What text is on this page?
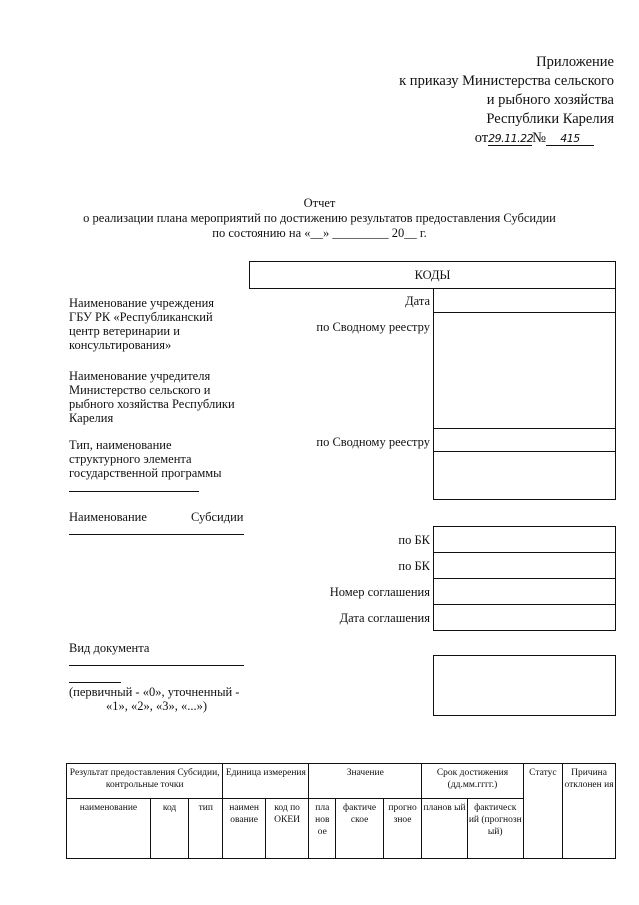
Приложение
к приказу Министерства сельского
и рыбного хозяйства
Республики Карелия
от29.11.22№ 415
Отчет
о реализации плана мероприятий по достижению результатов предоставления Субсидии
по состоянию на «__» _________ 20__ г.
КОДЫ
Дата
по Сводному реестру
по Сводному реестру
по БК
по БК
Номер соглашения
Дата соглашения
Наименование учреждения
ГБУ РК «Республиканский
центр ветеринарии и
консультирования»
Наименование учредителя
Министерство сельского и
рыбного хозяйства Республики
Карелия
Тип, наименование
структурного элемента
государственной программы
Наименование	Субсидии
Вид документа
(первичный - «0», уточненный -
«1», «2», «3», «...»)
Результат предоставления Субсидии, контрольные точки			Единица измерения		Значение			Срок достижения (дд.мм.гггг.)		Статус	Причина отклонен ия
наименование	код	тип	наимен ование	код по ОКЕИ	пла нов ое	фактиче ское	прогно зное	планов ый	фактическ ий (прогнозн ый)		
